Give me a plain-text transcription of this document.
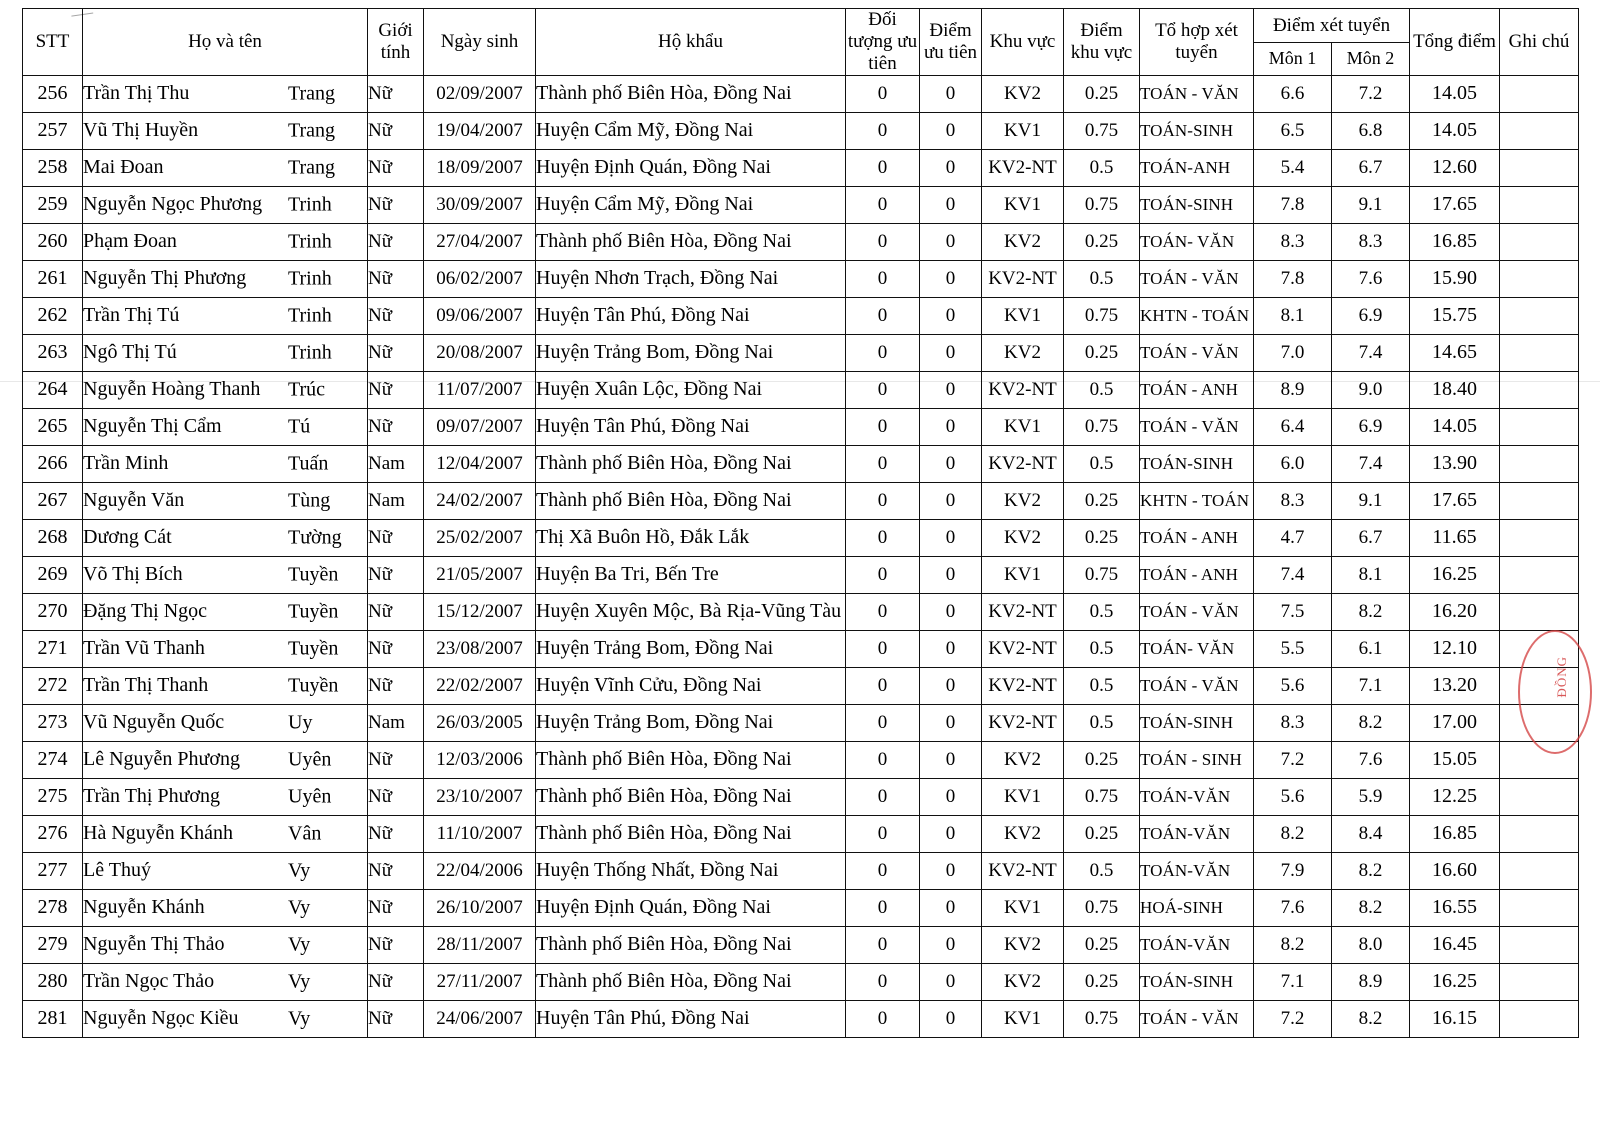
STT	Họ và tên	Giới tính	Ngày sinh	Hộ khẩu	Đối tượng ưu tiên	Điểm ưu tiên	Khu vực	Điểm khu vực	Tổ hợp xét tuyển	Điểm xét tuyển		Tổng điểm	Ghi chú
										Môn 1	Môn 2		
256	Trần Thị Thu Trang	Nữ	02/09/2007	Thành phố Biên Hòa, Đồng Nai	0	0	KV2	0.25	TOÁN - VĂN	6.6	7.2	14.05	
257	Vũ Thị Huyền Trang	Nữ	19/04/2007	Huyện Cẩm Mỹ, Đồng Nai	0	0	KV1	0.75	TOÁN-SINH	6.5	6.8	14.05	
258	Mai Đoan Trang	Nữ	18/09/2007	Huyện Định Quán, Đồng Nai	0	0	KV2-NT	0.5	TOÁN-ANH	5.4	6.7	12.60	
259	Nguyễn Ngọc Phương Trinh	Nữ	30/09/2007	Huyện Cẩm Mỹ, Đồng Nai	0	0	KV1	0.75	TOÁN-SINH	7.8	9.1	17.65	
260	Phạm Đoan Trinh	Nữ	27/04/2007	Thành phố Biên Hòa, Đồng Nai	0	0	KV2	0.25	TOÁN- VĂN	8.3	8.3	16.85	
261	Nguyễn Thị Phương Trinh	Nữ	06/02/2007	Huyện Nhơn Trạch, Đồng Nai	0	0	KV2-NT	0.5	TOÁN - VĂN	7.8	7.6	15.90	
262	Trần Thị Tú Trinh	Nữ	09/06/2007	Huyện Tân Phú, Đồng Nai	0	0	KV1	0.75	KHTN - TOÁN	8.1	6.9	15.75	
263	Ngô Thị Tú Trinh	Nữ	20/08/2007	Huyện Trảng Bom, Đồng Nai	0	0	KV2	0.25	TOÁN - VĂN	7.0	7.4	14.65	
264	Nguyễn Hoàng Thanh Trúc	Nữ	11/07/2007	Huyện Xuân Lộc, Đồng Nai	0	0	KV2-NT	0.5	TOÁN - ANH	8.9	9.0	18.40	
265	Nguyễn Thị Cẩm Tú	Nữ	09/07/2007	Huyện Tân Phú, Đồng Nai	0	0	KV1	0.75	TOÁN - VĂN	6.4	6.9	14.05	
266	Trần Minh Tuấn	Nam	12/04/2007	Thành phố Biên Hòa, Đồng Nai	0	0	KV2-NT	0.5	TOÁN-SINH	6.0	7.4	13.90	
267	Nguyễn Văn Tùng	Nam	24/02/2007	Thành phố Biên Hòa, Đồng Nai	0	0	KV2	0.25	KHTN - TOÁN	8.3	9.1	17.65	
268	Dương Cát Tường	Nữ	25/02/2007	Thị Xã Buôn Hồ, Đắk Lắk	0	0	KV2	0.25	TOÁN - ANH	4.7	6.7	11.65	
269	Võ Thị Bích Tuyền	Nữ	21/05/2007	Huyện Ba Tri, Bến Tre	0	0	KV1	0.75	TOÁN - ANH	7.4	8.1	16.25	
270	Đặng Thị Ngọc Tuyền	Nữ	15/12/2007	Huyện Xuyên Mộc, Bà Rịa-Vũng Tàu	0	0	KV2-NT	0.5	TOÁN - VĂN	7.5	8.2	16.20	
271	Trần Vũ Thanh Tuyền	Nữ	23/08/2007	Huyện Trảng Bom, Đồng Nai	0	0	KV2-NT	0.5	TOÁN- VĂN	5.5	6.1	12.10	
272	Trần Thị Thanh Tuyền	Nữ	22/02/2007	Huyện Vĩnh Cửu, Đồng Nai	0	0	KV2-NT	0.5	TOÁN - VĂN	5.6	7.1	13.20	
273	Vũ Nguyễn Quốc Uy	Nam	26/03/2005	Huyện Trảng Bom, Đồng Nai	0	0	KV2-NT	0.5	TOÁN-SINH	8.3	8.2	17.00	
274	Lê Nguyễn Phương Uyên	Nữ	12/03/2006	Thành phố Biên Hòa, Đồng Nai	0	0	KV2	0.25	TOÁN - SINH	7.2	7.6	15.05	
275	Trần Thị Phương Uyên	Nữ	23/10/2007	Thành phố Biên Hòa, Đồng Nai	0	0	KV1	0.75	TOÁN-VĂN	5.6	5.9	12.25	
276	Hà Nguyễn Khánh Vân	Nữ	11/10/2007	Thành phố Biên Hòa, Đồng Nai	0	0	KV2	0.25	TOÁN-VĂN	8.2	8.4	16.85	
277	Lê Thuý Vy	Nữ	22/04/2006	Huyện Thống Nhất, Đồng Nai	0	0	KV2-NT	0.5	TOÁN-VĂN	7.9	8.2	16.60	
278	Nguyễn Khánh Vy	Nữ	26/10/2007	Huyện Định Quán, Đồng Nai	0	0	KV1	0.75	HOÁ-SINH	7.6	8.2	16.55	
279	Nguyễn Thị Thảo Vy	Nữ	28/11/2007	Thành phố Biên Hòa, Đồng Nai	0	0	KV2	0.25	TOÁN-VĂN	8.2	8.0	16.45	
280	Trần Ngọc Thảo Vy	Nữ	27/11/2007	Thành phố Biên Hòa, Đồng Nai	0	0	KV2	0.25	TOÁN-SINH	7.1	8.9	16.25	
281	Nguyễn Ngọc Kiều Vy	Nữ	24/06/2007	Huyện Tân Phú, Đồng Nai	0	0	KV1	0.75	TOÁN - VĂN	7.2	8.2	16.15	
ĐỒNG
